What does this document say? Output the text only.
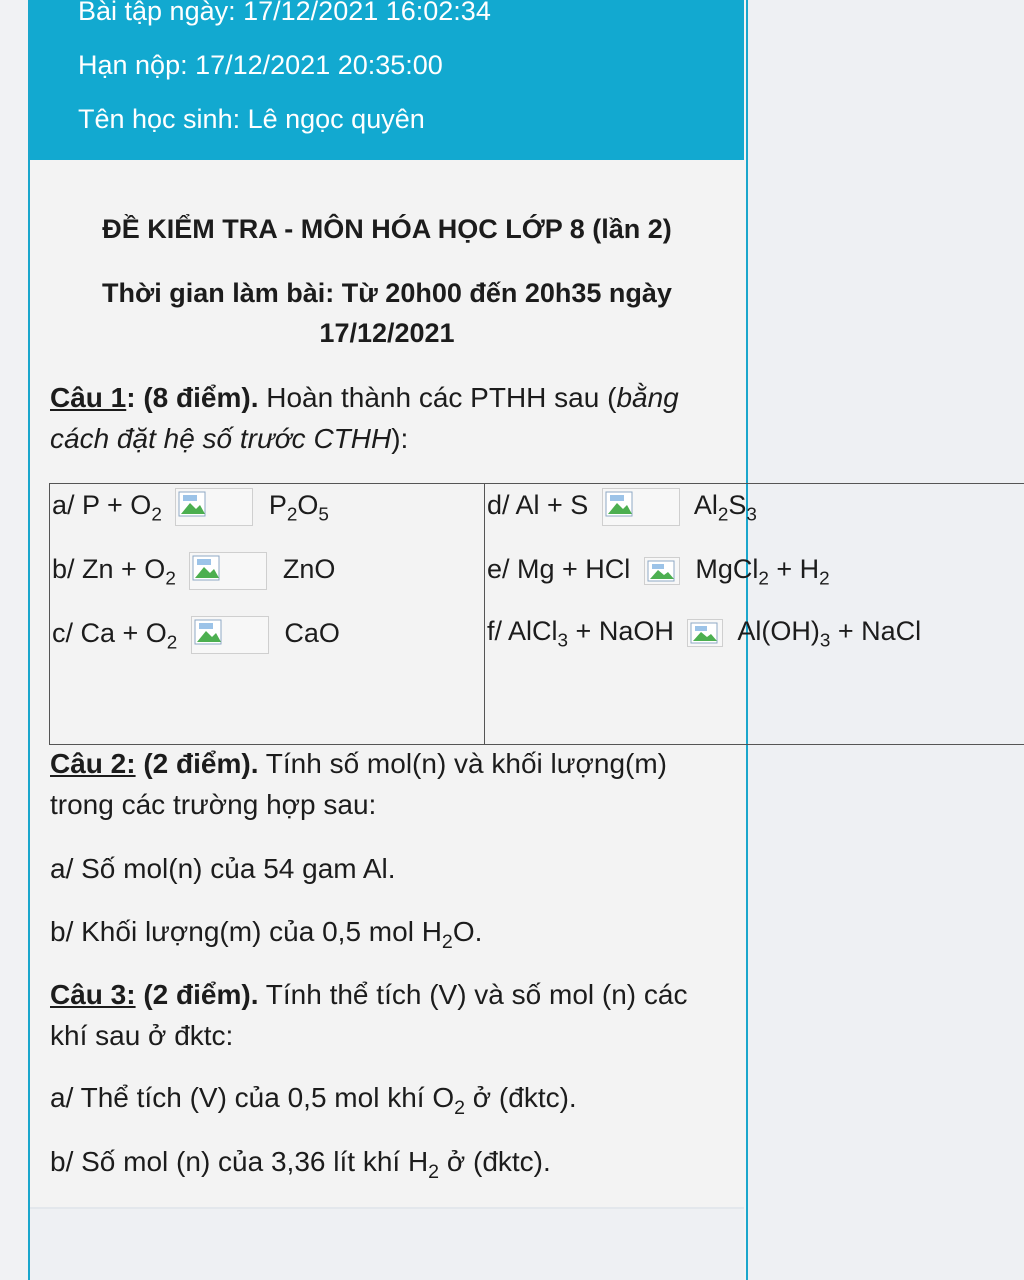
Bài tập ngày: 17/12/2021 16:02:34
Hạn nộp: 17/12/2021 20:35:00
Tên học sinh: Lê ngọc quyên
ĐỀ KIỂM TRA - MÔN HÓA HỌC LỚP 8 (lần 2)
Thời gian làm bài: Từ 20h00 đến 20h35 ngày
17/12/2021
Câu 1: (8 điểm). Hoàn thành các PTHH sau (bằng
cách đặt hệ số trước CTHH):
a/ $P + O_2$	$P_2O_5$
b/ $Zn + O_2$	ZnO
c/ $Ca + O_2$	CaO
d/ Al + S	$Al_2S_3$
e/ Mg + HCl MgCl$_2$ + $H_2$
f/ AlCl$_3$ + NaOH $Al(OH)_3$ + NaCl
Câu 2: (2 điểm). Tính số mol(n) và khối lượng(m)
trong các trường hợp sau:
a/ Số mol(n) của 54 gam Al.
b/ Khối lượng(m) của 0,5 mol $H_2O$.
Câu 3: (2 điểm). Tính thể tích (V) và số mol (n) các
khí sau ở đktc:
a/ Thể tích (V) của 0,5 mol khí $O_2$ ở (đktc).
b/ Số mol (n) của 3,36 lít khí $H_2$ ở (đktc).
